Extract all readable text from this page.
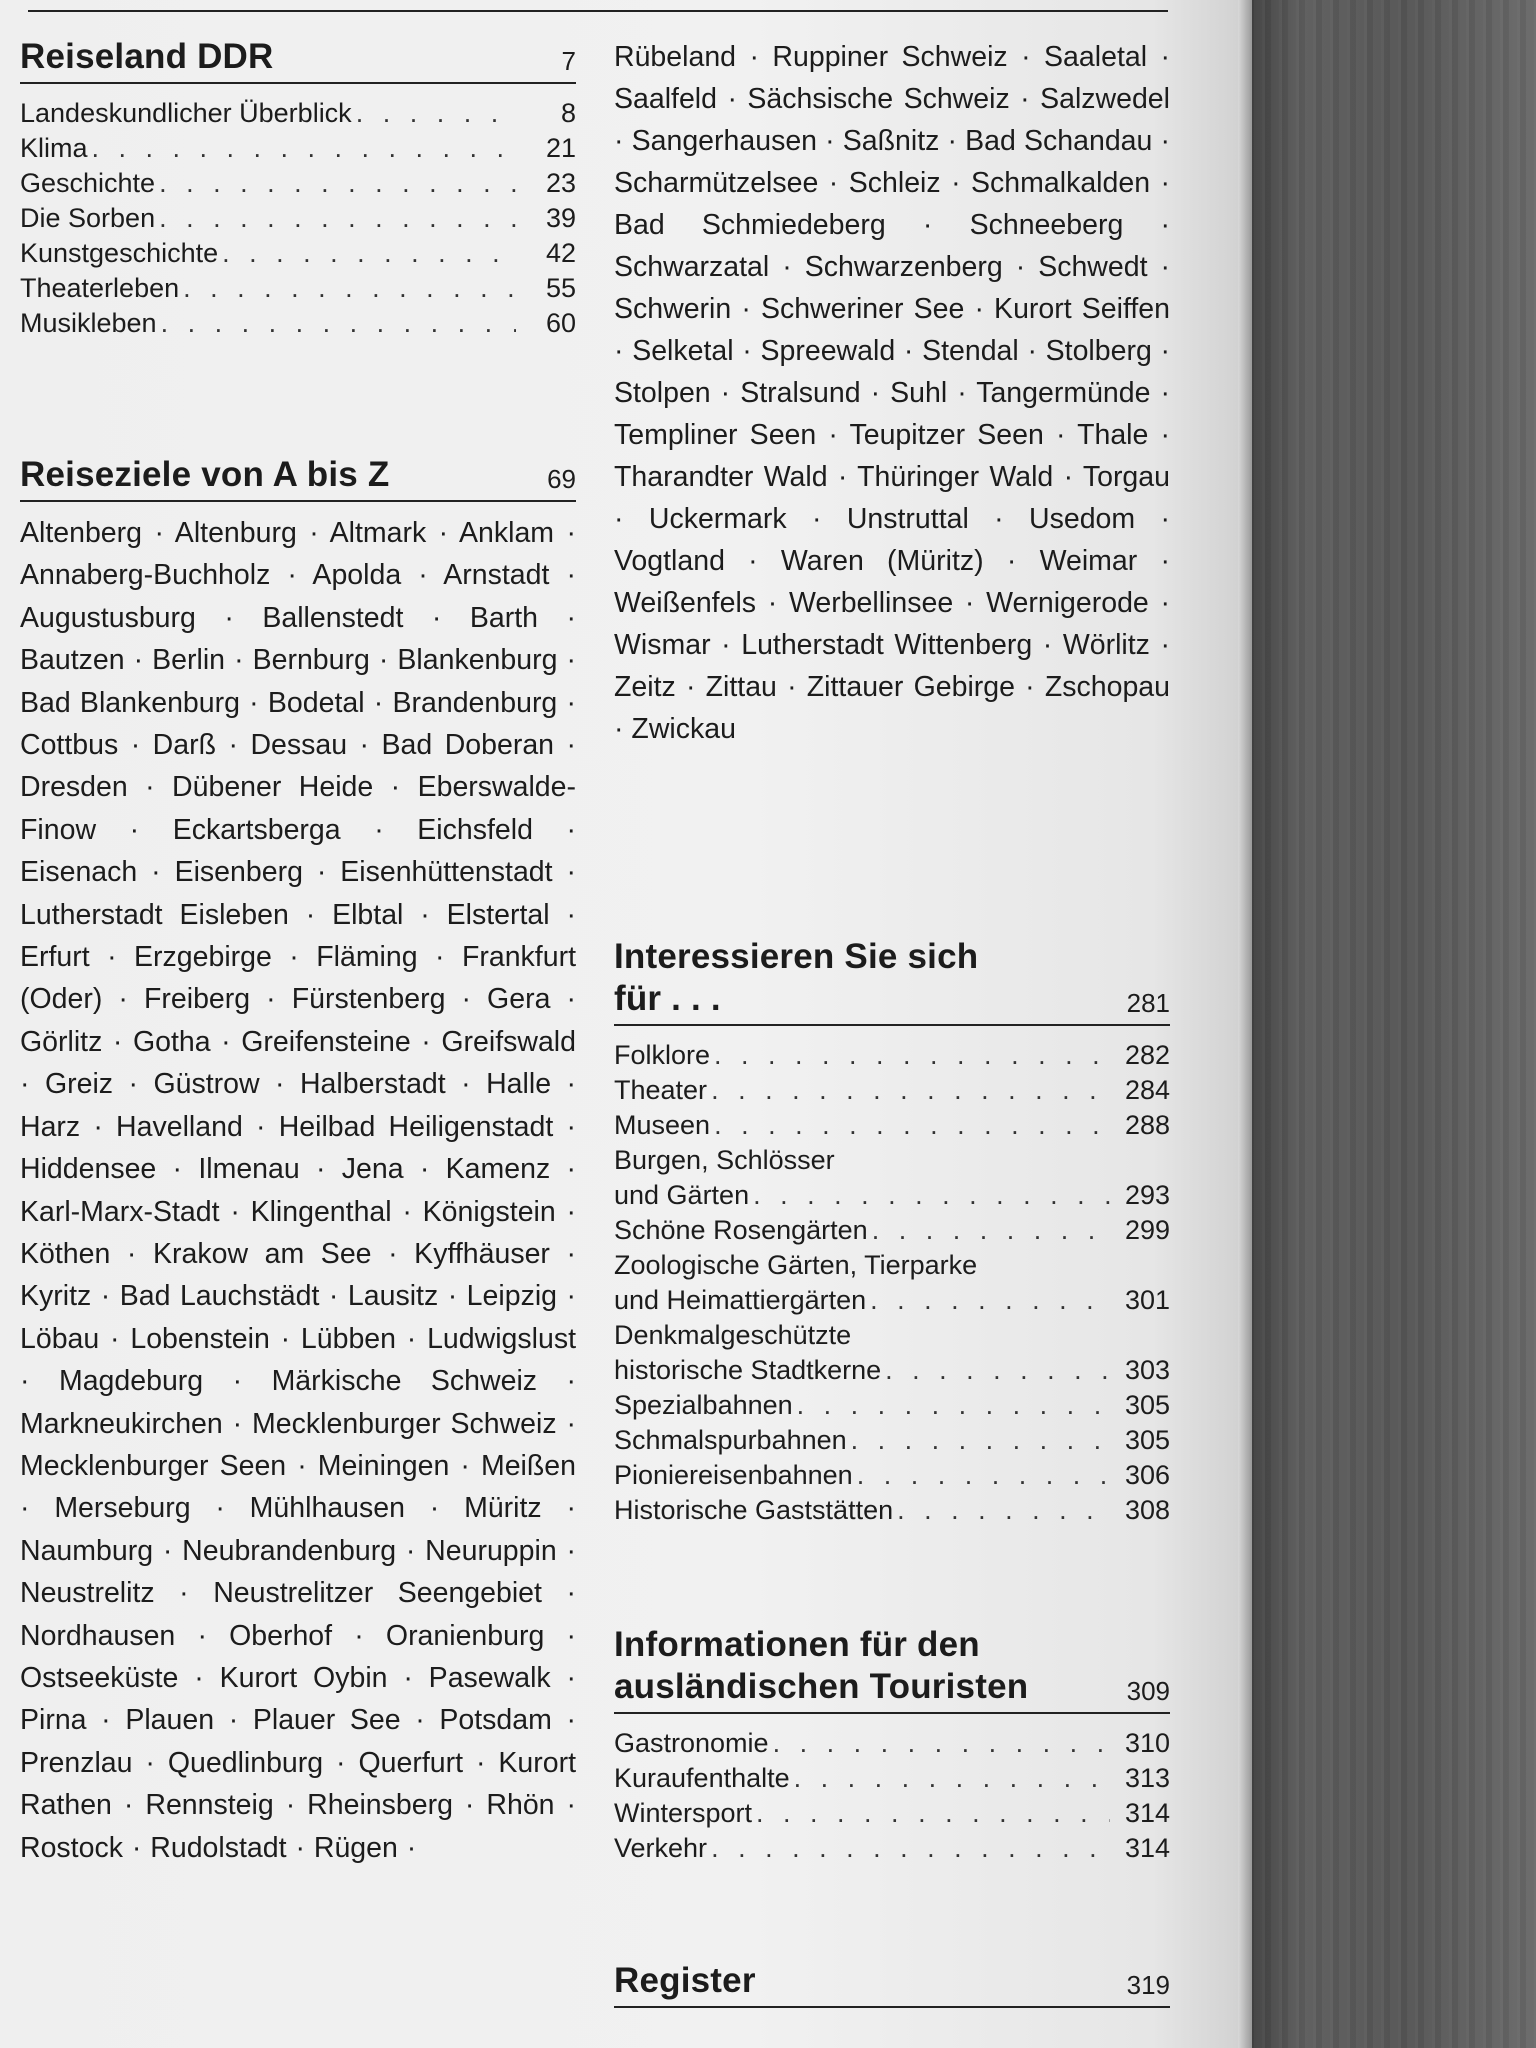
Reiseland DDR	7
Landeskundlicher Überblick . . .	8
Klima . . .	21
Geschichte . . .	23
Die Sorben . . .	39
Kunstgeschichte . . .	42
Theaterleben . . .	55
Musikleben . . .	60
Reiseziele von A bis Z	69
Altenberg · Altenburg · Altmark · Anklam · Annaberg-Buchholz · Apolda · Arnstadt · Augustusburg · Ballenstedt · Barth · Bautzen · Berlin · Bernburg · Blankenburg · Bad Blankenburg · Bodetal · Brandenburg · Cottbus · Darß · Dessau · Bad Doberan · Dresden · Dübener Heide · Eberswalde-Finow · Eckartsberga · Eichsfeld · Eisenach · Eisenberg · Eisenhüttenstadt · Lutherstadt Eisleben · Elbtal · Elstertal · Erfurt · Erzgebirge · Fläming · Frankfurt (Oder) · Freiberg · Fürstenberg · Gera · Görlitz · Gotha · Greifensteine · Greifswald · Greiz · Güstrow · Halberstadt · Halle · Harz · Havelland · Heilbad Heiligenstadt · Hiddensee · Ilmenau · Jena · Kamenz · Karl-Marx-Stadt · Klingenthal · Königstein · Köthen · Krakow am See · Kyffhäuser · Kyritz · Bad Lauchstädt · Lausitz · Leipzig · Löbau · Lobenstein · Lübben · Ludwigslust · Magdeburg · Märkische Schweiz · Markneukirchen · Mecklenburger Schweiz · Mecklenburger Seen · Meiningen · Meißen · Merseburg · Mühlhausen · Müritz · Naumburg · Neubrandenburg · Neuruppin · Neustrelitz · Neustrelitzer Seengebiet · Nordhausen · Oberhof · Oranienburg · Ostseeküste · Kurort Oybin · Pasewalk · Pirna · Plauen · Plauer See · Potsdam · Prenzlau · Quedlinburg · Querfurt · Kurort Rathen · Rennsteig · Rheinsberg · Rhön · Rostock · Rudolstadt · Rügen ·
Rübeland · Ruppiner Schweiz · Saaletal · Saalfeld · Sächsische Schweiz · Salzwedel · Sangerhausen · Saßnitz · Bad Schandau · Scharmützelsee · Schleiz · Schmalkalden · Bad Schmiedeberg · Schneeberg · Schwarzatal · Schwarzenberg · Schwedt · Schwerin · Schweriner See · Kurort Seiffen · Selketal · Spreewald · Stendal · Stolberg · Stolpen · Stralsund · Suhl · Tangermünde · Templiner Seen · Teupitzer Seen · Thale · Tharandter Wald · Thüringer Wald · Torgau · Uckermark · Unstruttal · Usedom · Vogtland · Waren (Müritz) · Weimar · Weißenfels · Werbellinsee · Wernigerode · Wismar · Lutherstadt Wittenberg · Wörlitz · Zeitz · Zittau · Zittauer Gebirge · Zschopau · Zwickau
Interessieren Sie sich
für . . .	281
Folklore . . .	282
Theater . . .	284
Museen . . .	288
Burgen, Schlösser
und Gärten . . .	293
Schöne Rosengärten . . .	299
Zoologische Gärten, Tierparke
und Heimattiergärten . . .	301
Denkmalgeschützte
historische Stadtkerne . . .	303
Spezialbahnen . . .	305
Schmalspurbahnen . . .	305
Pioniereisenbahnen . . .	306
Historische Gaststätten . . .	308
Informationen für den
ausländischen Touristen	309
Gastronomie . . .	310
Kuraufenthalte . . .	313
Wintersport . . .	314
Verkehr . . .	314
Register	319
